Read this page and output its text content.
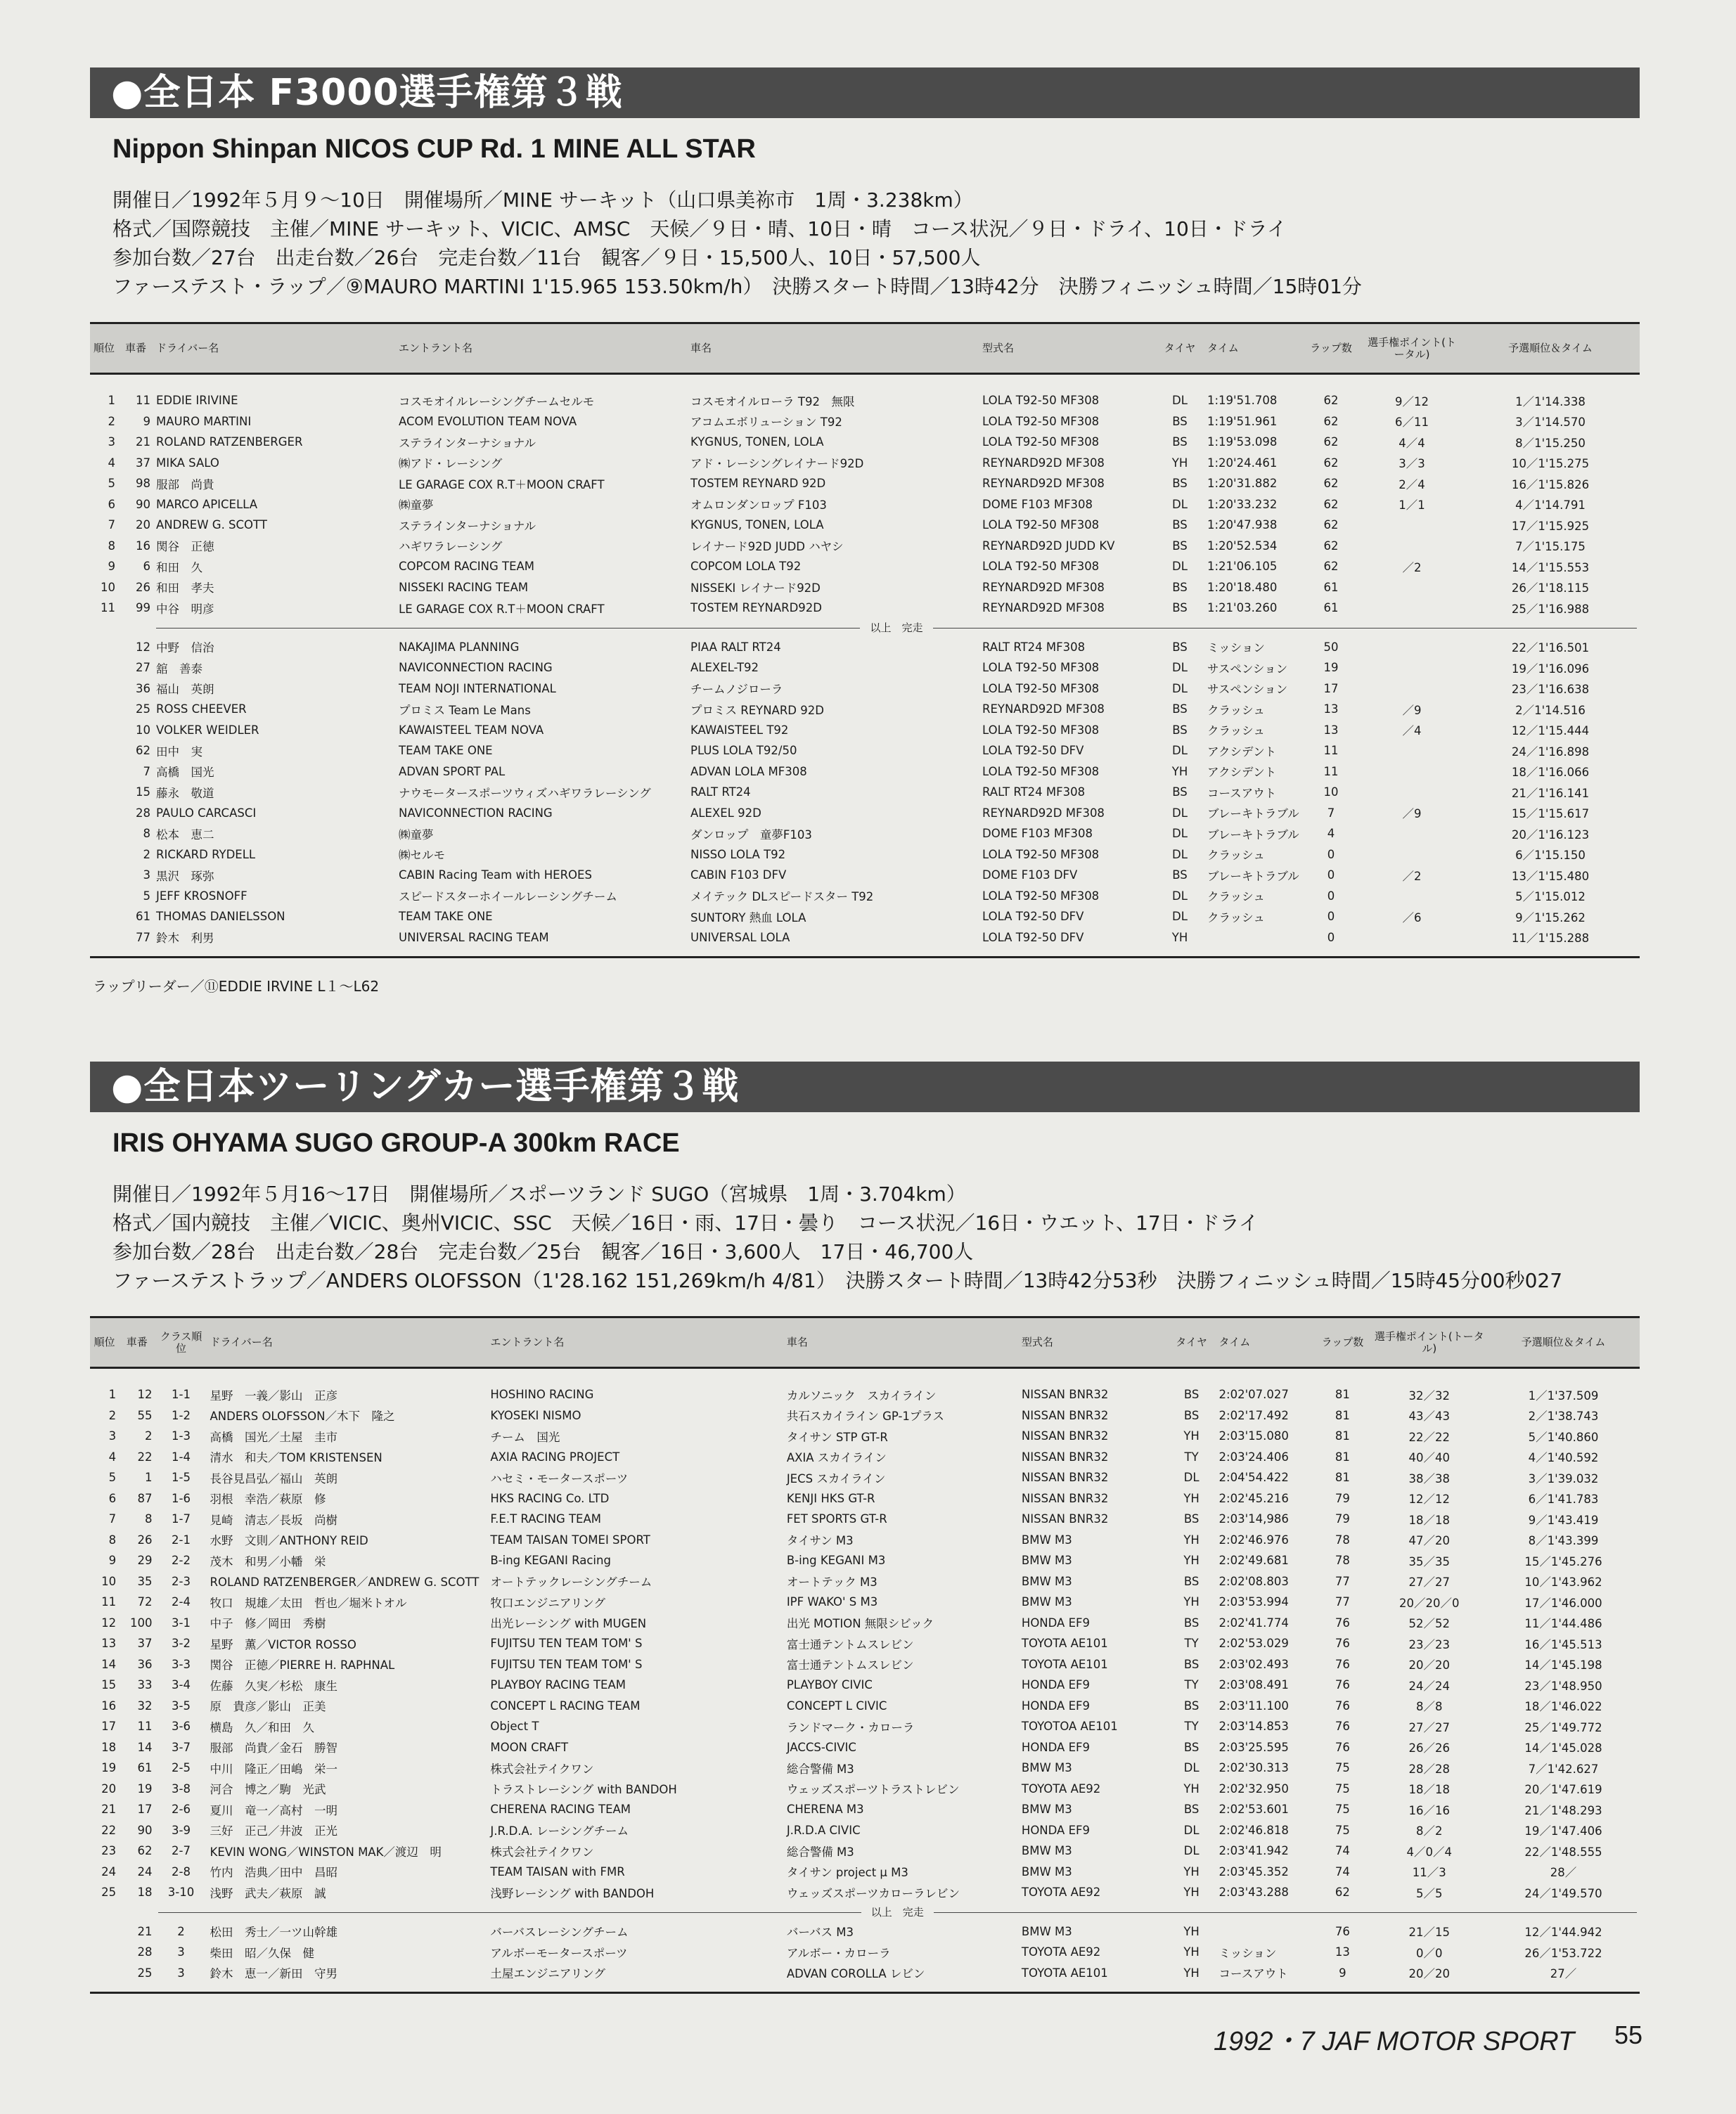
●全日本 F3000選手権第３戦
Nippon Shinpan NICOS CUP Rd. 1 MINE ALL STAR
開催日／1992年５月９〜10日　開催場所／MINE サーキット（山口県美祢市　1周・3.238km）
格式／国際競技　主催／MINE サーキット、VICIC、AMSC　天候／９日・晴、10日・晴　コース状況／９日・ドライ、10日・ドライ
参加台数／27台　出走台数／26台　完走台数／11台　観客／９日・15,500人、10日・57,500人
ファーステスト・ラップ／⑨MAURO MARTINI 1'15.965 153.50km/h）　決勝スタート時間／13時42分　決勝フィニッシュ時間／15時01分
順位	車番	ドライバー名	エントラント名	車名	型式名	タイヤ	タイム	ラップ数	選手権ポイント(トータル)	予選順位＆タイム

1	11	EDDIE IRIVINE	コスモオイルレーシングチームセルモ	コスモオイルローラ T92　無限	LOLA T92-50 MF308	DL	1:19'51.708	62	9／12	1／1'14.338
2	9	MAURO MARTINI	ACOM EVOLUTION TEAM NOVA	アコムエボリューション T92	LOLA T92-50 MF308	BS	1:19'51.961	62	6／11	3／1'14.570
3	21	ROLAND RATZENBERGER	ステラインターナショナル	KYGNUS, TONEN, LOLA	LOLA T92-50 MF308	BS	1:19'53.098	62	4／4	8／1'15.250
4	37	MIKA SALO	㈱アド・レーシング	アド・レーシングレイナード92D	REYNARD92D MF308	YH	1:20'24.461	62	3／3	10／1'15.275
5	98	服部　尚貴	LE GARAGE COX R.T＋MOON CRAFT	TOSTEM REYNARD 92D	REYNARD92D MF308	BS	1:20'31.882	62	2／4	16／1'15.826
6	90	MARCO APICELLA	㈱童夢	オムロンダンロップ F103	DOME F103 MF308	DL	1:20'33.232	62	1／1	4／1'14.791
7	20	ANDREW G. SCOTT	ステラインターナショナル	KYGNUS, TONEN, LOLA	LOLA T92-50 MF308	BS	1:20'47.938	62		17／1'15.925
8	16	関谷　正徳	ハギワラレーシング	レイナード92D JUDD ハヤシ	REYNARD92D JUDD KV	BS	1:20'52.534	62		7／1'15.175
9	6	和田　久	COPCOM RACING TEAM	COPCOM LOLA T92	LOLA T92-50 MF308	DL	1:21'06.105	62	／2	14／1'15.553
10	26	和田　孝夫	NISSEKI RACING TEAM	NISSEKI レイナード92D	REYNARD92D MF308	BS	1:20'18.480	61		26／1'18.115
11	99	中谷　明彦	LE GARAGE COX R.T＋MOON CRAFT	TOSTEM REYNARD92D	REYNARD92D MF308	BS	1:21'03.260	61		25／1'16.988
		以上　完走								
	12	中野　信治	NAKAJIMA PLANNING	PIAA RALT RT24	RALT RT24 MF308	BS	ミッション	50		22／1'16.501
	27	舘　善泰	NAVICONNECTION RACING	ALEXEL-T92	LOLA T92-50 MF308	DL	サスペンション	19		19／1'16.096
	36	福山　英朗	TEAM NOJI INTERNATIONAL	チームノジローラ	LOLA T92-50 MF308	DL	サスペンション	17		23／1'16.638
	25	ROSS CHEEVER	プロミス Team Le Mans	プロミス REYNARD 92D	REYNARD92D MF308	BS	クラッシュ	13	／9	2／1'14.516
	10	VOLKER WEIDLER	KAWAISTEEL TEAM NOVA	KAWAISTEEL T92	LOLA T92-50 MF308	BS	クラッシュ	13	／4	12／1'15.444
	62	田中　実	TEAM TAKE ONE	PLUS LOLA T92/50	LOLA T92-50 DFV	DL	アクシデント	11		24／1'16.898
	7	高橋　国光	ADVAN SPORT PAL	ADVAN LOLA MF308	LOLA T92-50 MF308	YH	アクシデント	11		18／1'16.066
	15	藤永　敬道	ナウモータースポーツウィズハギワラレーシング	RALT RT24	RALT RT24 MF308	BS	コースアウト	10		21／1'16.141
	28	PAULO CARCASCI	NAVICONNECTION RACING	ALEXEL 92D	REYNARD92D MF308	DL	ブレーキトラブル	7	／9	15／1'15.617
	8	松本　恵二	㈱童夢	ダンロップ　童夢F103	DOME F103 MF308	DL	ブレーキトラブル	4		20／1'16.123
	2	RICKARD RYDELL	㈱セルモ	NISSO LOLA T92	LOLA T92-50 MF308	DL	クラッシュ	0		6／1'15.150
	3	黒沢　琢弥	CABIN Racing Team with HEROES	CABIN F103 DFV	DOME F103 DFV	BS	ブレーキトラブル	0	／2	13／1'15.480
	5	JEFF KROSNOFF	スピードスターホイールレーシングチーム	メイテック DLスピードスター T92	LOLA T92-50 MF308	DL	クラッシュ	0		5／1'15.012
	61	THOMAS DANIELSSON	TEAM TAKE ONE	SUNTORY 熱血 LOLA	LOLA T92-50 DFV	DL	クラッシュ	0	／6	9／1'15.262
	77	鈴木　利男	UNIVERSAL RACING TEAM	UNIVERSAL LOLA	LOLA T92-50 DFV	YH		0		11／1'15.288

ラップリーダー／⑪EDDIE IRVINE L１〜L62
●全日本ツーリングカー選手権第３戦
IRIS OHYAMA SUGO GROUP-A 300km RACE
開催日／1992年５月16〜17日　開催場所／スポーツランド SUGO（宮城県　1周・3.704km）
格式／国内競技　主催／VICIC、奥州VICIC、SSC　天候／16日・雨、17日・曇り　コース状況／16日・ウエット、17日・ドライ
参加台数／28台　出走台数／28台　完走台数／25台　観客／16日・3,600人　17日・46,700人
ファーステストラップ／ANDERS OLOFSSON（1'28.162 151,269km/h 4/81）　決勝スタート時間／13時42分53秒　決勝フィニッシュ時間／15時45分00秒027
順位	車番	クラス順位	ドライバー名	エントラント名	車名	型式名	タイヤ	タイム	ラップ数	選手権ポイント(トータル)	予選順位＆タイム

1	12	1-1	星野　一義／影山　正彦	HOSHINO RACING	カルソニック　スカイライン	NISSAN BNR32	BS	2:02'07.027	81	32／32	1／1'37.509
2	55	1-2	ANDERS OLOFSSON／木下　隆之	KYOSEKI NISMO	共石スカイライン GP-1プラス	NISSAN BNR32	BS	2:02'17.492	81	43／43	2／1'38.743
3	2	1-3	高橋　国光／土屋　圭市	チーム　国光	タイサン STP GT-R	NISSAN BNR32	YH	2:03'15.080	81	22／22	5／1'40.860
4	22	1-4	清水　和夫／TOM KRISTENSEN	AXIA RACING PROJECT	AXIA スカイライン	NISSAN BNR32	TY	2:03'24.406	81	40／40	4／1'40.592
5	1	1-5	長谷見昌弘／福山　英朗	ハセミ・モータースポーツ	JECS スカイライン	NISSAN BNR32	DL	2:04'54.422	81	38／38	3／1'39.032
6	87	1-6	羽根　幸浩／萩原　修	HKS RACING Co. LTD	KENJI HKS GT-R	NISSAN BNR32	YH	2:02'45.216	79	12／12	6／1'41.783
7	8	1-7	見崎　清志／長坂　尚樹	F.E.T RACING TEAM	FET SPORTS GT-R	NISSAN BNR32	BS	2:03'14,986	79	18／18	9／1'43.419
8	26	2-1	水野　文則／ANTHONY REID	TEAM TAISAN TOMEI SPORT	タイサン M3	BMW M3	YH	2:02'46.976	78	47／20	8／1'43.399
9	29	2-2	茂木　和男／小幡　栄	B-ing KEGANI Racing	B-ing KEGANI M3	BMW M3	YH	2:02'49.681	78	35／35	15／1'45.276
10	35	2-3	ROLAND RATZENBERGER／ANDREW G. SCOTT	オートテックレーシングチーム	オートテック M3	BMW M3	BS	2:02'08.803	77	27／27	10／1'43.962
11	72	2-4	牧口　規雄／太田　哲也／堀米トオル	牧口エンジニアリング	IPF WAKO' S M3	BMW M3	YH	2:03'53.994	77	20／20／0	17／1'46.000
12	100	3-1	中子　修／岡田　秀樹	出光レーシング with MUGEN	出光 MOTION 無限シビック	HONDA EF9	BS	2:02'41.774	76	52／52	11／1'44.486
13	37	3-2	星野　薫／VICTOR ROSSO	FUJITSU TEN TEAM TOM' S	富士通テントムスレビン	TOYOTA AE101	TY	2:02'53.029	76	23／23	16／1'45.513
14	36	3-3	関谷　正徳／PIERRE H. RAPHNAL	FUJITSU TEN TEAM TOM' S	富士通テントムスレビン	TOYOTA AE101	BS	2:03'02.493	76	20／20	14／1'45.198
15	33	3-4	佐藤　久実／杉松　康生	PLAYBOY RACING TEAM	PLAYBOY CIVIC	HONDA EF9	TY	2:03'08.491	76	24／24	23／1'48.950
16	32	3-5	原　貴彦／影山　正美	CONCEPT L RACING TEAM	CONCEPT L CIVIC	HONDA EF9	BS	2:03'11.100	76	8／8	18／1'46.022
17	11	3-6	横島　久／和田　久	Object T	ランドマーク・カローラ	TOYOTOA AE101	TY	2:03'14.853	76	27／27	25／1'49.772
18	14	3-7	服部　尚貴／金石　勝智	MOON CRAFT	JACCS-CIVIC	HONDA EF9	BS	2:03'25.595	76	26／26	14／1'45.028
19	61	2-5	中川　隆正／田嶋　栄一	株式会社テイクワン	総合警備 M3	BMW M3	DL	2:02'30.313	75	28／28	7／1'42.627
20	19	3-8	河合　博之／駒　光武	トラストレーシング with BANDOH	ウェッズスポーツトラストレビン	TOYOTA AE92	YH	2:02'32.950	75	18／18	20／1'47.619
21	17	2-6	夏川　竜一／高村　一明	CHERENA RACING TEAM	CHERENA M3	BMW M3	BS	2:02'53.601	75	16／16	21／1'48.293
22	90	3-9	三好　正己／井波　正光	J.R.D.A. レーシングチーム	J.R.D.A CIVIC	HONDA EF9	DL	2:02'46.818	75	8／2	19／1'47.406
23	62	2-7	KEVIN WONG／WINSTON MAK／渡辺　明	株式会社テイクワン	総合警備 M3	BMW M3	DL	2:03'41.942	74	4／0／4	22／1'48.555
24	24	2-8	竹内　浩典／田中　昌昭	TEAM TAISAN with FMR	タイサン project μ M3	BMW M3	YH	2:03'45.352	74	11／3	28／
25	18	3-10	浅野　武夫／萩原　誠	浅野レーシング with BANDOH	ウェッズスポーツカローラレビン	TOYOTA AE92	YH	2:03'43.288	62	5／5	24／1'49.570
		以上　完走									
	21	2	松田　秀士／一ツ山幹雄	バーバスレーシングチーム	バーバス M3	BMW M3	YH		76	21／15	12／1'44.942
	28	3	柴田　昭／久保　健	アルボーモータースポーツ	アルボー・カローラ	TOYOTA AE92	YH	ミッション	13	0／0	26／1'53.722
	25	3	鈴木　恵一／新田　守男	土屋エンジニアリング	ADVAN COROLLA レビン	TOYOTA AE101	YH	コースアウト	9	20／20	27／

1992・7 JAF MOTOR SPORT 55
